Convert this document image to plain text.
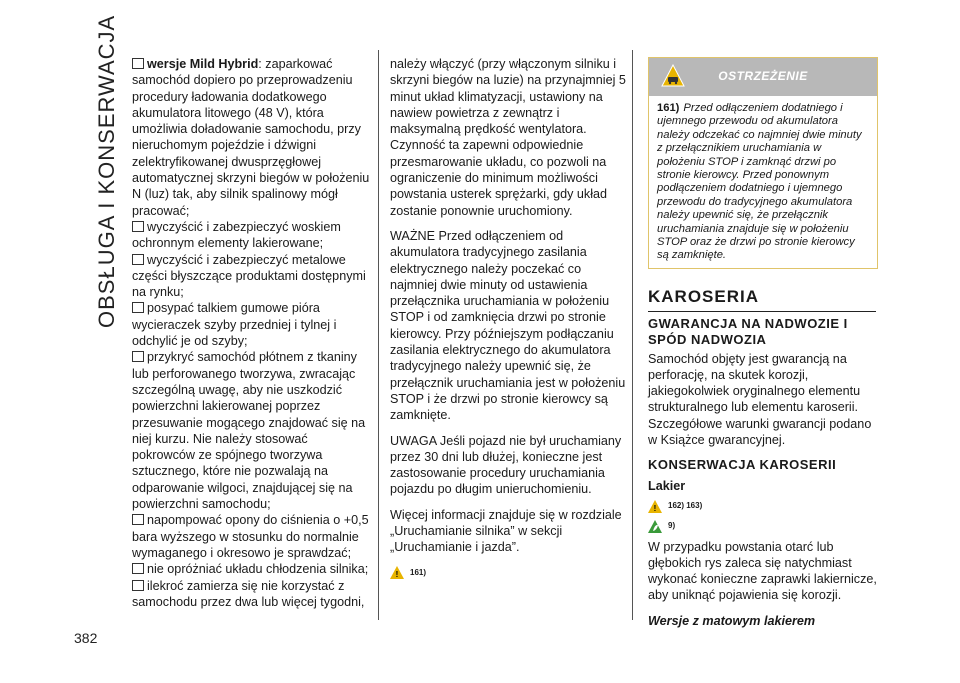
OBSŁUGA I KONSERWACJA
382
wersje Mild Hybrid: zaparkować samochód dopiero po przeprowadzeniu procedury ładowania dodatkowego akumulatora litowego (48 V), która umożliwia doładowanie samochodu, przy nieruchomym pojeździe i dźwigni zelektryfikowanej dwusprzęgłowej automatycznej skrzyni biegów w położeniu N (luz) tak, aby silnik spalinowy mógł pracować;
wyczyścić i zabezpieczyć woskiem ochronnym elementy lakierowane;
wyczyścić i zabezpieczyć metalowe części błyszczące produktami dostępnymi na rynku;
posypać talkiem gumowe pióra wycieraczek szyby przedniej i tylnej i odchylić je od szyby;
przykryć samochód płótnem z tkaniny lub perforowanego tworzywa, zwracając szczególną uwagę, aby nie uszkodzić powierzchni lakierowanej poprzez przesuwanie mogącego znajdować się na niej kurzu. Nie należy stosować pokrowców ze spójnego tworzywa sztucznego, które nie pozwalają na odparowanie wilgoci, znajdującej się na powierzchni samochodu;
napompować opony do ciśnienia o +0,5 bara wyższego w stosunku do normalnie wymaganego i okresowo je sprawdzać;
nie opróżniać układu chłodzenia silnika;
ilekroć zamierza się nie korzystać z samochodu przez dwa lub więcej tygodni,

należy włączyć (przy włączonym silniku i skrzyni biegów na luzie) na przynajmniej 5 minut układ klimatyzacji, ustawiony na nawiew powietrza z zewnątrz i maksymalną prędkość wentylatora. Czynność ta zapewni odpowiednie przesmarowanie układu, co pozwoli na ograniczenie do minimum możliwości powstania usterek sprężarki, gdy układ zostanie ponownie uruchomiony.

WAŻNE Przed odłączeniem od akumulatora tradycyjnego zasilania elektrycznego należy poczekać co najmniej dwie minuty od ustawienia przełącznika uruchamiania w położeniu STOP i od zamknięcia drzwi po stronie kierowcy. Przy późniejszym podłączaniu zasilania elektrycznego do akumulatora tradycyjnego należy upewnić się, że przełącznik uruchamiania jest w położeniu STOP i że drzwi po stronie kierowcy są zamknięte.

UWAGA Jeśli pojazd nie był uruchamiany przez 30 dni lub dłużej, konieczne jest zastosowanie procedury uruchamiania pojazdu po długim unieruchomieniu.

Więcej informacji znajduje się w rozdziale „Uruchamianie silnika” w sekcji „Uruchamianie i jazda”.

! 161)
OSTRZEŻENIE
161) Przed odłączeniem dodatniego i ujemnego przewodu od akumulatora należy odczekać co najmniej dwie minuty z przełącznikiem uruchamiania w położeniu STOP i zamknąć drzwi po stronie kierowcy. Przed ponownym podłączeniem dodatniego i ujemnego przewodu do tradycyjnego akumulatora należy upewnić się, że przełącznik uruchamiania znajduje się w położeniu STOP oraz że drzwi po stronie kierowcy są zamknięte.
KAROSERIA

GWARANCJA NA NADWOZIE I SPÓD NADWOZIA

Samochód objęty jest gwarancją na perforację, na skutek korozji, jakiegokolwiek oryginalnego elementu strukturalnego lub elementu karoserii. Szczegółowe warunki gwarancji podano w Książce gwarancyjnej.

KONSERWACJA KAROSERII

Lakier
! 162) 163)
9)

W przypadku powstania otarć lub głębokich rys zaleca się natychmiast wykonać konieczne zaprawki lakiernicze, aby uniknąć pojawienia się korozji.

Wersje z matowym lakierem
